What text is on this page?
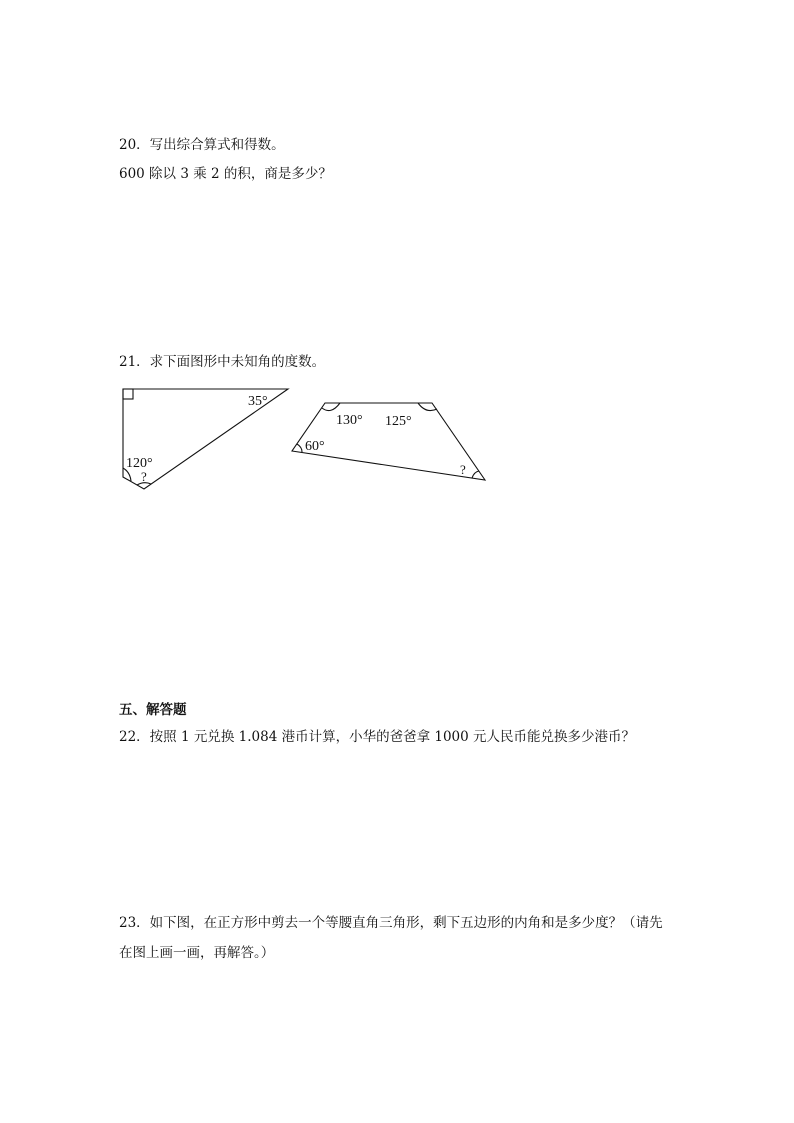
20．写出综合算式和得数。
600 除以 3 乘 2 的积，商是多少？
21．求下面图形中未知角的度数。
35°
120°
?
130° 125°
60°
?
五、解答题
22．按照 1 元兑换 1.084 港币计算，小华的爸爸拿 1000 元人民币能兑换多少港币？
23．如下图，在正方形中剪去一个等腰直角三角形，剩下五边形的内角和是多少度？（请先
在图上画一画，再解答。）
